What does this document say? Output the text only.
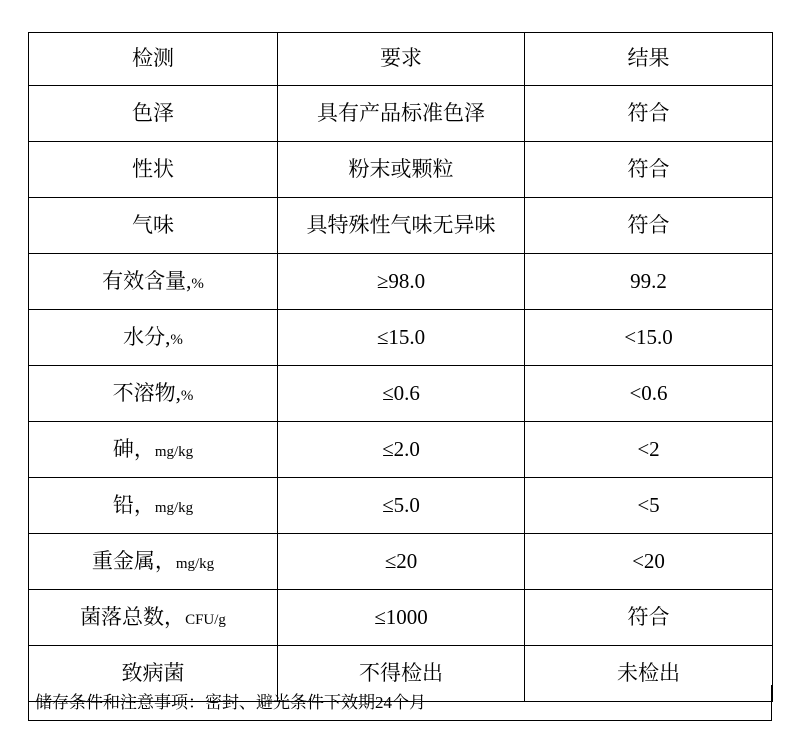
检测	要求	结果
色泽	具有产品标准色泽	符合
性状	粉末或颗粒	符合
气味	具特殊性气味无异味	符合
有效含量,%	≥98.0	99.2
水分,%	≤15.0	<15.0
不溶物,%	≤0.6	<0.6
砷，mg/kg	≤2.0	<2
铅，mg/kg	≤5.0	<5
重金属，mg/kg	≤20	<20
菌落总数，CFU/g	≤1000	符合
致病菌	不得检出	未检出
储存条件和注意事项：密封、避光条件下效期24个月
